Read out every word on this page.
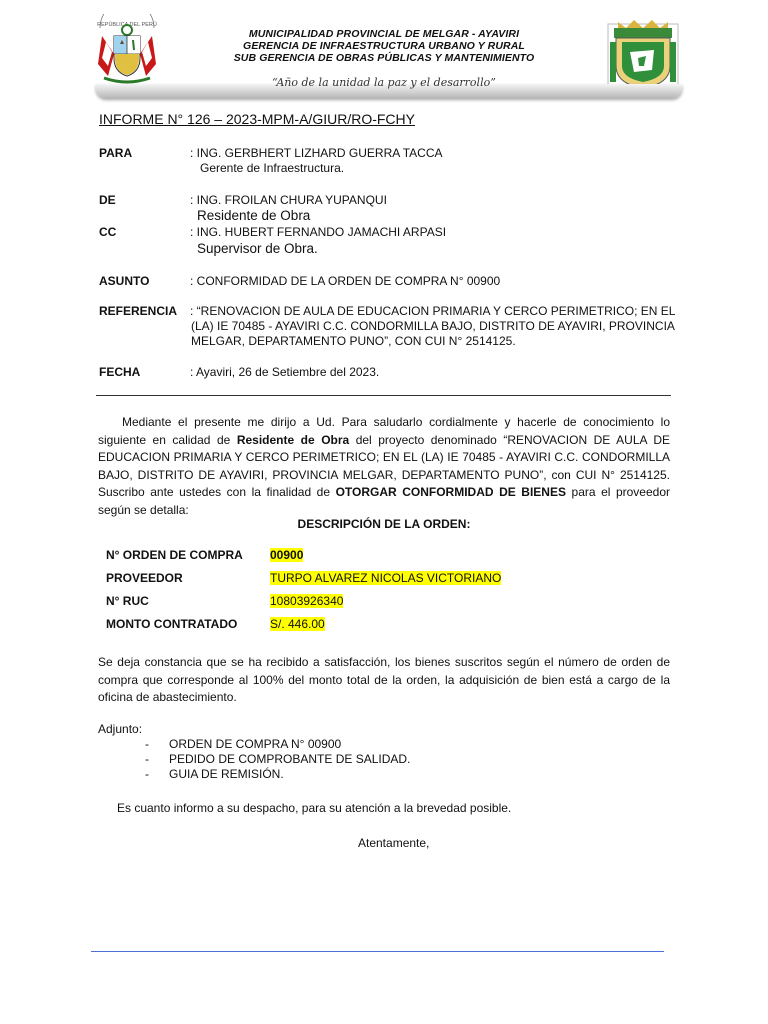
REPÚBLICA DEL PERÚ
MUNICIPALIDAD PROVINCIAL DE MELGAR - AYAVIRI
GERENCIA DE INFRAESTRUCTURA URBANO Y RURAL
SUB GERENCIA DE OBRAS PÚBLICAS Y MANTENIMIENTO
“Año de la unidad la paz y el desarrollo”
INFORME N° 126 – 2023-MPM-A/GIUR/RO-FCHY
PARA	: ING. GERBHERT LIZHARD GUERRA TACCA
Gerente de Infraestructura.
DE	: ING. FROILAN CHURA YUPANQUI
Residente de Obra
CC	: ING. HUBERT FERNANDO JAMACHI ARPASI
Supervisor de Obra.
ASUNTO	: CONFORMIDAD DE LA ORDEN DE COMPRA N° 00900
REFERENCIA : “RENOVACION DE AULA DE EDUCACION PRIMARIA Y CERCO PERIMETRICO; EN EL
(LA) IE 70485 - AYAVIRI C.C. CONDORMILLA BAJO, DISTRITO DE AYAVIRI, PROVINCIA
MELGAR, DEPARTAMENTO PUNO”, CON CUI N° 2514125.
FECHA	: Ayaviri, 26 de Setiembre del 2023.
Mediante el presente me dirijo a Ud. Para saludarlo cordialmente y hacerle de conocimiento lo siguiente en calidad de Residente de Obra del proyecto denominado “RENOVACION DE AULA DE EDUCACION PRIMARIA Y CERCO PERIMETRICO; EN EL (LA) IE 70485 - AYAVIRI C.C. CONDORMILLA BAJO, DISTRITO DE AYAVIRI, PROVINCIA MELGAR, DEPARTAMENTO PUNO”, con CUI N° 2514125. Suscribo ante ustedes con la finalidad de OTORGAR CONFORMIDAD DE BIENES para el proveedor según se detalla:
DESCRIPCIÓN DE LA ORDEN:
N° ORDEN DE COMPRA 00900
PROVEEDOR	TURPO ALVAREZ NICOLAS VICTORIANO
N° RUC	10803926340
MONTO CONTRATADO	S/. 446.00
Se deja constancia que se ha recibido a satisfacción, los bienes suscritos según el número de orden de compra que corresponde al 100% del monto total de la orden, la adquisición de bien está a cargo de la oficina de abastecimiento.
Adjunto:
- ORDEN DE COMPRA N° 00900
- PEDIDO DE COMPROBANTE DE SALIDAD.
- GUIA DE REMISIÓN.
Es cuanto informo a su despacho, para su atención a la brevedad posible.
Atentamente,
